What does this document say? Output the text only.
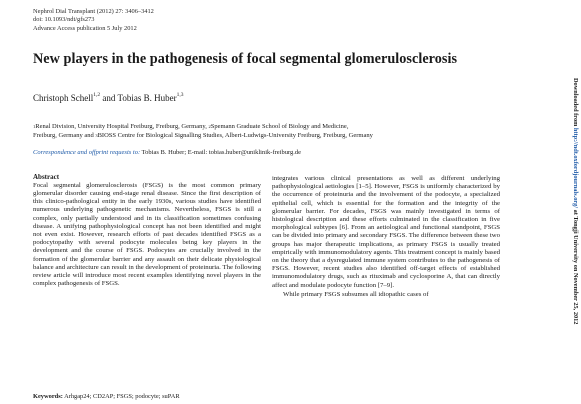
Nephrol Dial Transplant (2012) 27: 3406–3412
doi: 10.1093/ndt/gfs273
Advance Access publication 5 July 2012
New players in the pathogenesis of focal segmental glomerulosclerosis
Christoph Schell$^{1,2}$ and Tobias B. Huber$^{1,3}$
$^1$Renal Division, University Hospital Freiburg, Freiburg, Germany, $^2$Spemann Graduate School of Biology and Medicine,
Freiburg, Germany and $^3$BIOSS Centre for Biological Signalling Studies, Albert-Ludwigs-University Freiburg, Freiburg, Germany
Correspondence and offprint requests to: Tobias B. Huber; E-mail: tobias.huber@uniklinik-freiburg.de
Abstract

Focal segmental glomerulosclerosis (FSGS) is the most common primary glomerular disorder causing end-stage renal disease. Since the first description of this clinico-pathological entity in the early 1930s, various studies have identified numerous underlying pathogenetic mechanisms. Nevertheless, FSGS is still a complex, only partially understood and in its classification sometimes confusing disease. A unifying pathophysiological concept has not been identified and might not even exist. However, research efforts of past decades identified FSGS as a podocytopathy with several podocyte molecules being key players in the development and the course of FSGS. Podocytes are crucially involved in the formation of the glomerular barrier and any assault on their delicate physiological balance and architecture can result in the development of proteinuria. The following review article will introduce most recent examples identifying novel players in the complex pathogenesis of FSGS.

Keywords: Arhgap24; CD2AP; FSGS; podocyte; suPAR

integrates various clinical presentations as well as different underlying pathophysiological aetiologies [1–5]. However, FSGS is uniformly characterized by the occurrence of proteinuria and the involvement of the podocyte, a specialized epithelial cell, which is essential for the formation and the integrity of the glomerular barrier. For decades, FSGS was mainly investigated in terms of histological description and these efforts culminated in the classification in five morphological subtypes [6]. From an aetiological and functional standpoint, FSGS can be divided into primary and secondary FSGS. The difference between these two groups has major therapeutic implications, as primary FSGS is usually treated empirically with immunomodulatory agents. This treatment concept is mainly based on the theory that a dysregulated immune system contributes to the pathogenesis of FSGS. However, recent studies also identified off-target effects of established immunomodulatory drugs, such as rituximab and cyclosporine A, that can directly affect and modulate podocyte function [7–9].

While primary FSGS subsumes all idiopathic cases of

Downloaded from http://ndt.oxfordjournals.org/ at Tongji University on November 25, 2012
